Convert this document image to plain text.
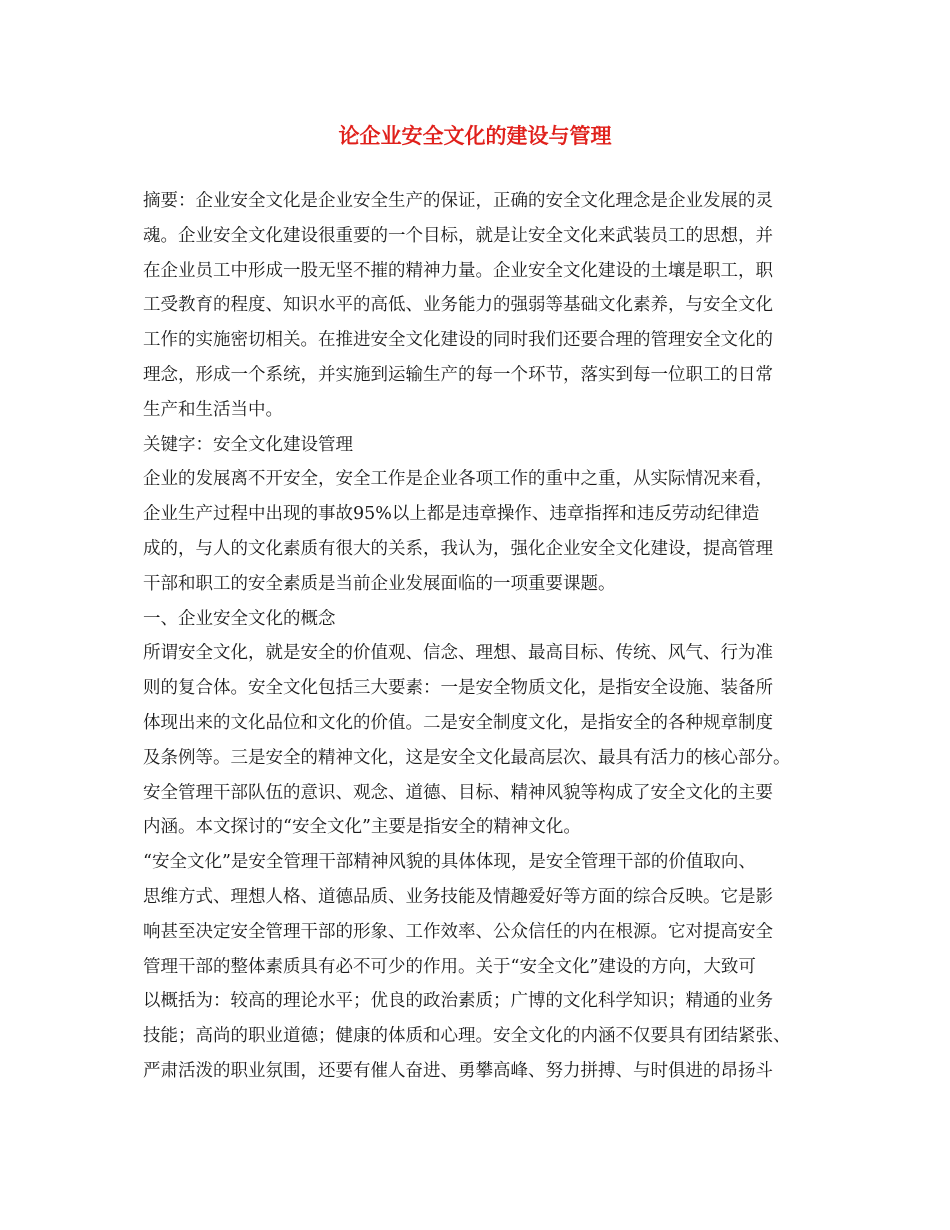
论企业安全文化的建设与管理
摘要：企业安全文化是企业安全生产的保证，正确的安全文化理念是企业发展的灵
魂。企业安全文化建设很重要的一个目标，就是让安全文化来武装员工的思想，并
在企业员工中形成一股无坚不摧的精神力量。企业安全文化建设的土壤是职工，职
工受教育的程度、知识水平的高低、业务能力的强弱等基础文化素养，与安全文化
工作的实施密切相关。在推进安全文化建设的同时我们还要合理的管理安全文化的
理念，形成一个系统，并实施到运输生产的每一个环节，落实到每一位职工的日常
生产和生活当中。
关键字：安全文化建设管理
企业的发展离不开安全，安全工作是企业各项工作的重中之重，从实际情况来看，
企业生产过程中出现的事故95%以上都是违章操作、违章指挥和违反劳动纪律造
成的，与人的文化素质有很大的关系，我认为，强化企业安全文化建设，提高管理
干部和职工的安全素质是当前企业发展面临的一项重要课题。
一、企业安全文化的概念
所谓安全文化，就是安全的价值观、信念、理想、最高目标、传统、风气、行为准
则的复合体。安全文化包括三大要素：一是安全物质文化，是指安全设施、装备所
体现出来的文化品位和文化的价值。二是安全制度文化，是指安全的各种规章制度
及条例等。三是安全的精神文化，这是安全文化最高层次、最具有活力的核心部分。
安全管理干部队伍的意识、观念、道德、目标、精神风貌等构成了安全文化的主要
内涵。本文探讨的“安全文化”主要是指安全的精神文化。
“安全文化”是安全管理干部精神风貌的具体体现，是安全管理干部的价值取向、
思维方式、理想人格、道德品质、业务技能及情趣爱好等方面的综合反映。它是影
响甚至决定安全管理干部的形象、工作效率、公众信任的内在根源。它对提高安全
管理干部的整体素质具有必不可少的作用。关于“安全文化”建设的方向，大致可
以概括为：较高的理论水平；优良的政治素质；广博的文化科学知识；精通的业务
技能；高尚的职业道德；健康的体质和心理。安全文化的内涵不仅要具有团结紧张、
严肃活泼的职业氛围，还要有催人奋进、勇攀高峰、努力拼搏、与时俱进的昂扬斗
